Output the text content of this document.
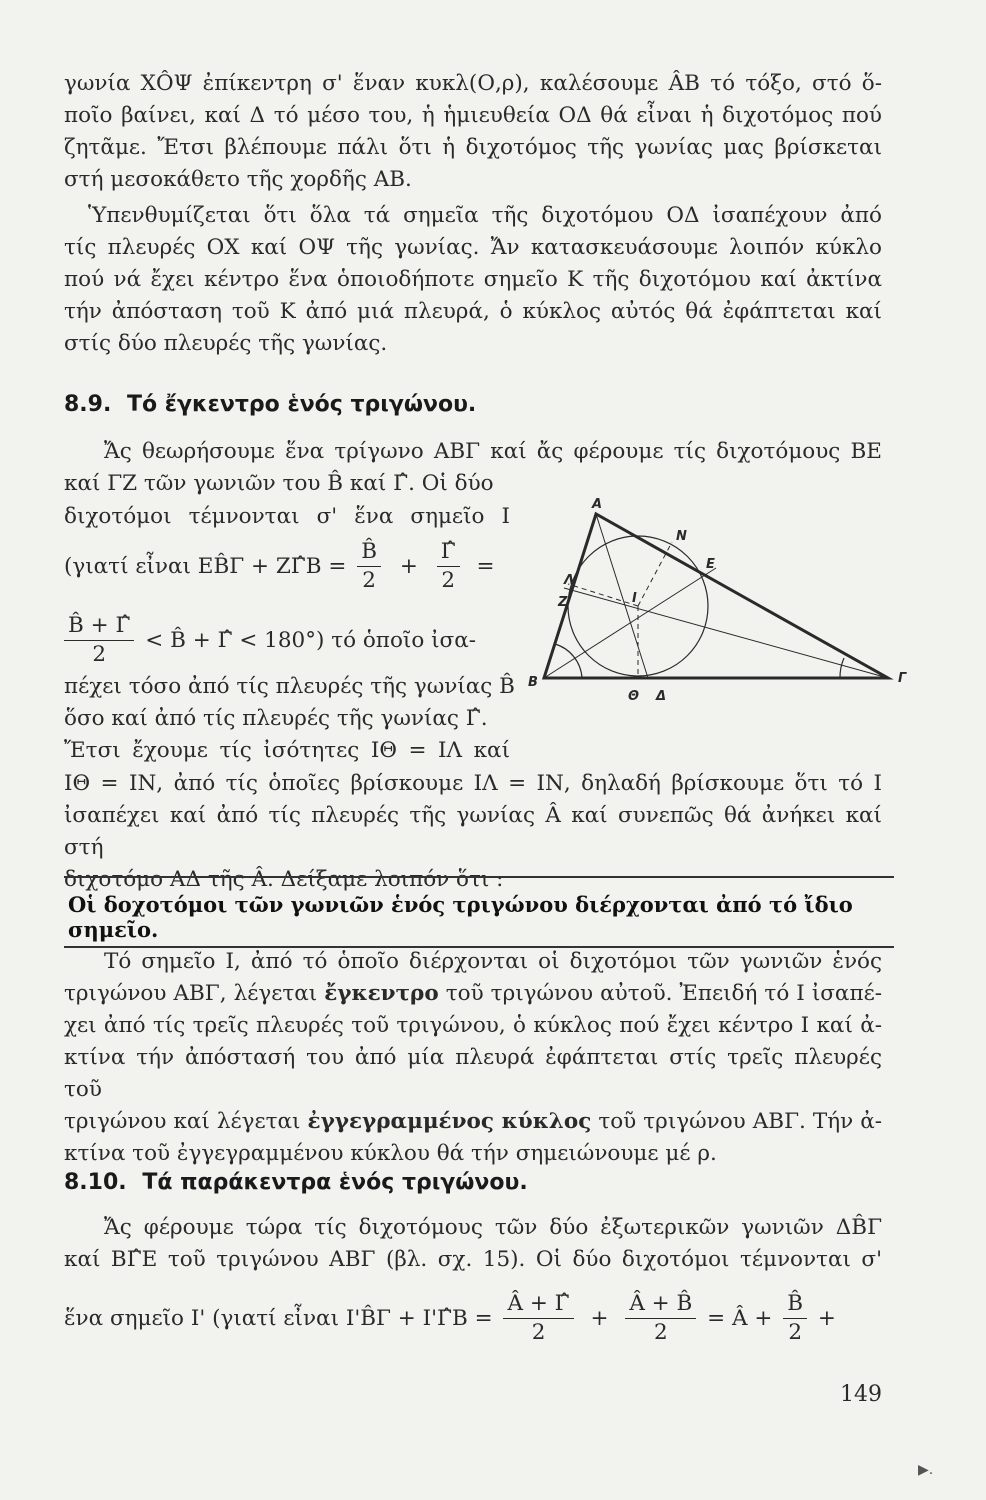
γωνία ΧÔΨ ἐπίκεντρη σ' ἕναν κυκλ(Ο,ρ), καλέσουμε ÂΒ τό τόξο, στό ὅ-
ποῖο βαίνει, καί Δ τό μέσο του, ἡ ἡμιευθεία ΟΔ θά εἶναι ἡ διχοτόμος πού
ζητᾶμε. Ἔτσι βλέπουμε πάλι ὅτι ἡ διχοτόμος τῆς γωνίας μας βρίσκεται
στή μεσοκάθετο τῆς χορδῆς ΑΒ.
Ὑπενθυμίζεται ὅτι ὅλα τά σημεῖα τῆς διχοτόμου ΟΔ ἰσαπέχουν ἀπό
τίς πλευρές ΟΧ καί ΟΨ τῆς γωνίας. Ἄν κατασκευάσουμε λοιπόν κύκλο
πού νά ἔχει κέντρο ἕνα ὁποιοδήποτε σημεῖο Κ τῆς διχοτόμου καί ἀκτίνα
τήν ἀπόσταση τοῦ Κ ἀπό μιά πλευρά, ὁ κύκλος αὐτός θά ἐφάπτεται καί
στίς δύο πλευρές τῆς γωνίας.
8.9. Τό ἔγκεντρο ἑνός τριγώνου.
Ἄς θεωρήσουμε ἕνα τρίγωνο ΑΒΓ καί ἄς φέρουμε τίς διχοτόμους ΒΕ
καί ΓΖ τῶν γωνιῶν του B̂ καί Γ̂. Οἱ δύο
διχοτόμοι τέμνονται σ' ἕνα σημεῖο Ι
(γιατί εἶναι ΕB̂Γ + ΖΓ̂Β = $\frac{B̂}{2} + \frac{\Gammâ}{2}$ =
$\frac{B̂ + \Gammâ}{2}$ < B̂ + Γ̂ < 180°) τό ὁποῖο ἰσα-
πέχει τόσο ἀπό τίς πλευρές τῆς γωνίας B̂
ὅσο καί ἀπό τίς πλευρές τῆς γωνίας Γ̂.
Ἔτσι ἔχουμε τίς ἰσότητες ΙΘ = ΙΛ καί
ΙΘ = ΙΝ, ἀπό τίς ὁποῖες βρίσκουμε ΙΛ = ΙΝ, δηλαδή βρίσκουμε ὅτι τό Ι
ἰσαπέχει καί ἀπό τίς πλευρές τῆς γωνίας Â καί συνεπῶς θά ἀνήκει καί στή
διχοτόμο ΑΔ τῆς Â. Δείξαμε λοιπόν ὅτι :
A
N
E
Λ
Z	I
B	Γ
Θ Δ
Οἱ δοχοτόμοι τῶν γωνιῶν ἑνός τριγώνου διέρχονται ἀπό τό ἴδιο σημεῖο.
Τό σημεῖο Ι, ἀπό τό ὁποῖο διέρχονται οἱ διχοτόμοι τῶν γωνιῶν ἑνός
τριγώνου ΑΒΓ, λέγεται ἔγκεντρο τοῦ τριγώνου αὐτοῦ. Ἐπειδή τό Ι ἰσαπέ-
χει ἀπό τίς τρεῖς πλευρές τοῦ τριγώνου, ὁ κύκλος πού ἔχει κέντρο Ι καί ἀ-
κτίνα τήν ἀπόστασή του ἀπό μία πλευρά ἐφάπτεται στίς τρεῖς πλευρές τοῦ
τριγώνου καί λέγεται ἐγγεγραμμένος κύκλος τοῦ τριγώνου ΑΒΓ. Τήν ἀ-
κτίνα τοῦ ἐγγεγραμμένου κύκλου θά τήν σημειώνουμε μέ ρ.
8.10. Τά παράκεντρα ἑνός τριγώνου.
Ἄς φέρουμε τώρα τίς διχοτόμους τῶν δύο ἐξωτερικῶν γωνιῶν ΔB̂Γ
καί ΒΓ̂Ε τοῦ τριγώνου ΑΒΓ (βλ. σχ. 15). Οἱ δύο διχοτόμοι τέμνονται σ'
ἕνα σημεῖο Ι' (γιατί εἶναι Ι'B̂Γ + Ι'Γ̂Β = $\frac{Â + \Gammâ}{2} + \frac{Â + B̂}{2}$ = Â + $\frac{B̂}{2}$ +
149
▶.
